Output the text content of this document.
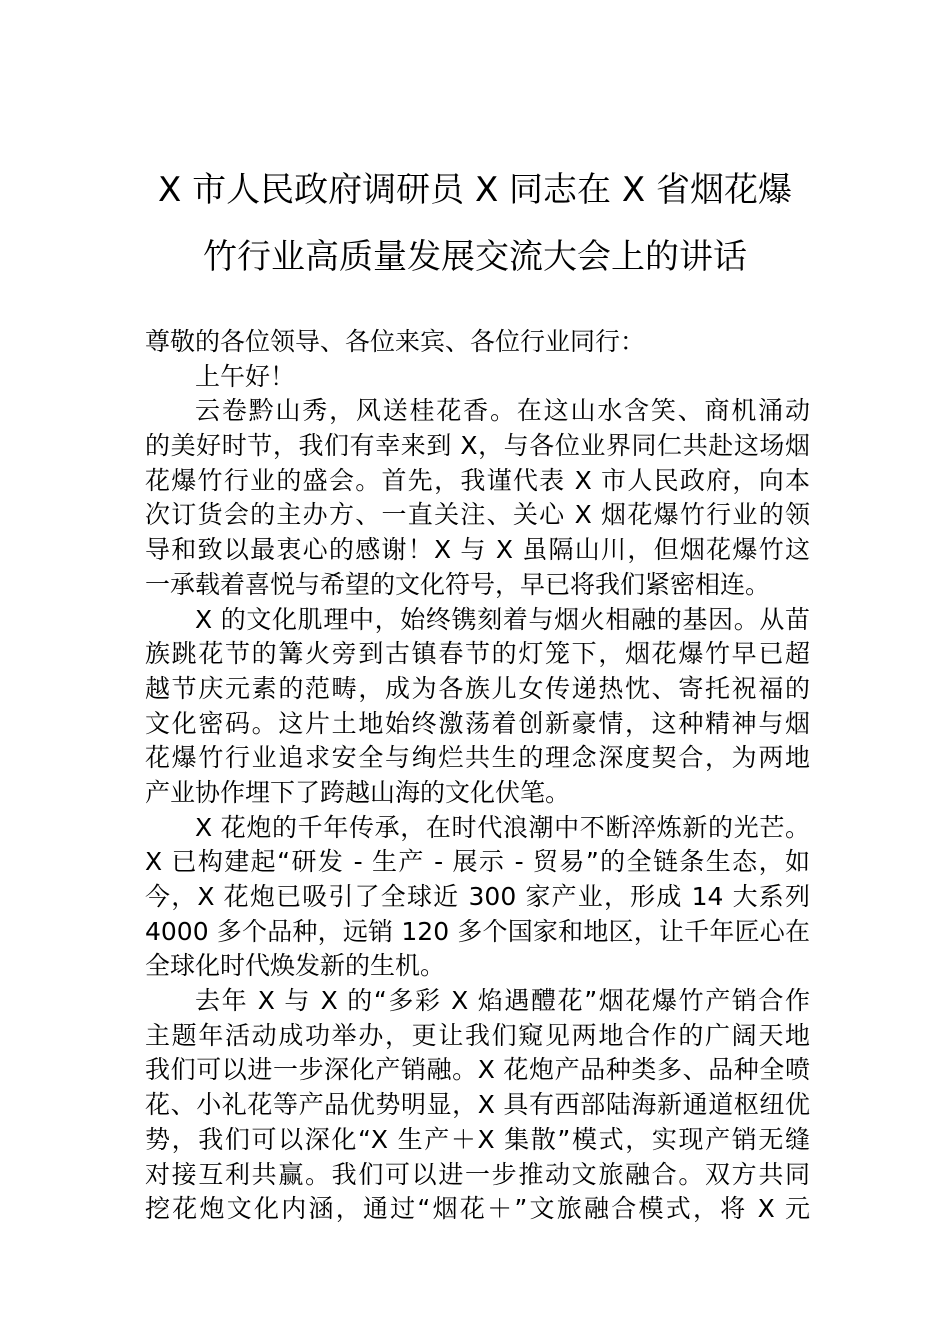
X 市人民政府调研员 X 同志在 X 省烟花爆
竹行业高质量发展交流大会上的讲话

尊敬的各位领导、各位来宾、各位行业同行：

上午好！

云卷黔山秀，风送桂花香。在这山水含笑、商机涌动

的美好时节，我们有幸来到 X，与各位业界同仁共赴这场烟

花爆竹行业的盛会。首先，我谨代表 X 市人民政府，向本

次订货会的主办方、一直关注、关心 X 烟花爆竹行业的领

导和致以最衷心的感谢！X 与 X 虽隔山川，但烟花爆竹这

一承载着喜悦与希望的文化符号，早已将我们紧密相连。

X 的文化肌理中，始终镌刻着与烟火相融的基因。从苗

族跳花节的篝火旁到古镇春节的灯笼下，烟花爆竹早已超

越节庆元素的范畴，成为各族儿女传递热忱、寄托祝福的

文化密码。这片土地始终激荡着创新豪情，这种精神与烟

花爆竹行业追求安全与绚烂共生的理念深度契合，为两地

产业协作埋下了跨越山海的文化伏笔。

X 花炮的千年传承，在时代浪潮中不断淬炼新的光芒。

X 已构建起“研发 - 生产 - 展示 - 贸易”的全链条生态，如

今，X 花炮已吸引了全球近 300 家产业，形成 14 大系列

4000 多个品种，远销 120 多个国家和地区，让千年匠心在

全球化时代焕发新的生机。

去年 X 与 X 的“多彩 X 焰遇醴花”烟花爆竹产销合作

主题年活动成功举办，更让我们窥见两地合作的广阔天地

我们可以进一步深化产销融。X 花炮产品种类多、品种全喷

花、小礼花等产品优势明显，X 具有西部陆海新通道枢纽优

势，我们可以深化“X 生产＋X 集散”模式，实现产销无缝

对接互利共赢。我们可以进一步推动文旅融合。双方共同

挖花炮文化内涵，通过“烟花＋”文旅融合模式，将 X 元
